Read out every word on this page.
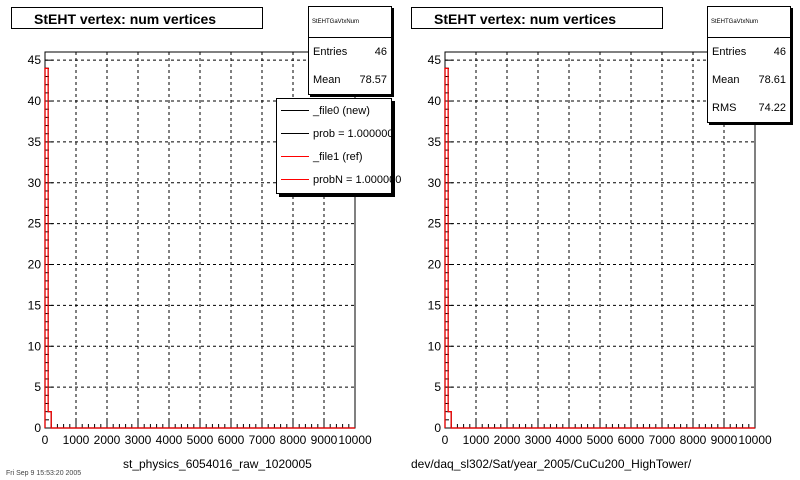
0
5
10
15
20
25
30
35
40
45
0 1000 2000 3000 4000 5000 6000 7000 8000 9000 10000
0
5
10
15
20
25
30
35
40
45
0 1000 2000 3000 4000 5000 6000 7000 8000 9000 10000
StEHT vertex: num vertices	StEHTGaVtxNum
Entries	46
Mean 78.57
_file0 (new)
prob = 1.000000
_file1 (ref)
probN = 1.000000
st_physics_6054016_raw_1020005
StEHT vertex: num vertices	StEHTGaVtxNum
Entries	46
Mean 78.61
RMS 74.22
dev/daq_sl302/Sat/year_2005/CuCu200_HighTower/
Fri Sep 9 15:53:20 2005
